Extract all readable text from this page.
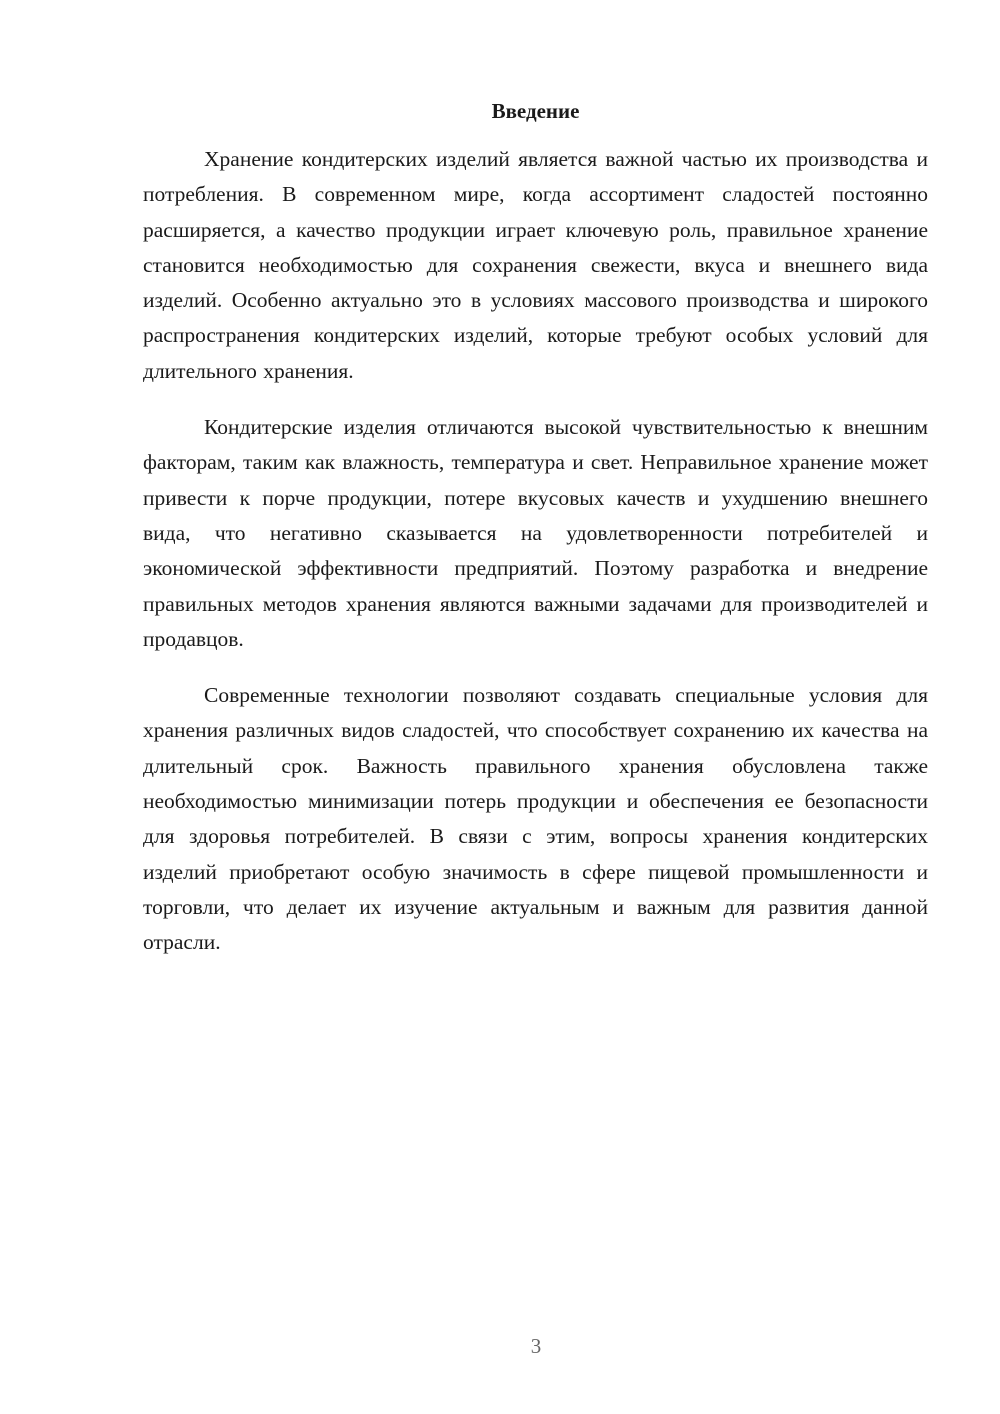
Введение

Хранение кондитерских изделий является важной частью их производства и потребления. В современном мире, когда ассортимент сладостей постоянно расширяется, а качество продукции играет ключевую роль, правильное хранение становится необходимостью для сохранения свежести, вкуса и внешнего вида изделий. Особенно актуально это в условиях массового производства и широкого распространения кондитерских изделий, которые требуют особых условий для длительного хранения.

Кондитерские изделия отличаются высокой чувствительностью к внешним факторам, таким как влажность, температура и свет. Неправильное хранение может привести к порче продукции, потере вкусовых качеств и ухудшению внешнего вида, что негативно сказывается на удовлетворенности потребителей и экономической эффективности предприятий. Поэтому разработка и внедрение правильных методов хранения являются важными задачами для производителей и продавцов.

Современные технологии позволяют создавать специальные условия для хранения различных видов сладостей, что способствует сохранению их качества на длительный срок. Важность правильного хранения обусловлена также необходимостью минимизации потерь продукции и обеспечения ее безопасности для здоровья потребителей. В связи с этим, вопросы хранения кондитерских изделий приобретают особую значимость в сфере пищевой промышленности и торговли, что делает их изучение актуальным и важным для развития данной отрасли.

3
